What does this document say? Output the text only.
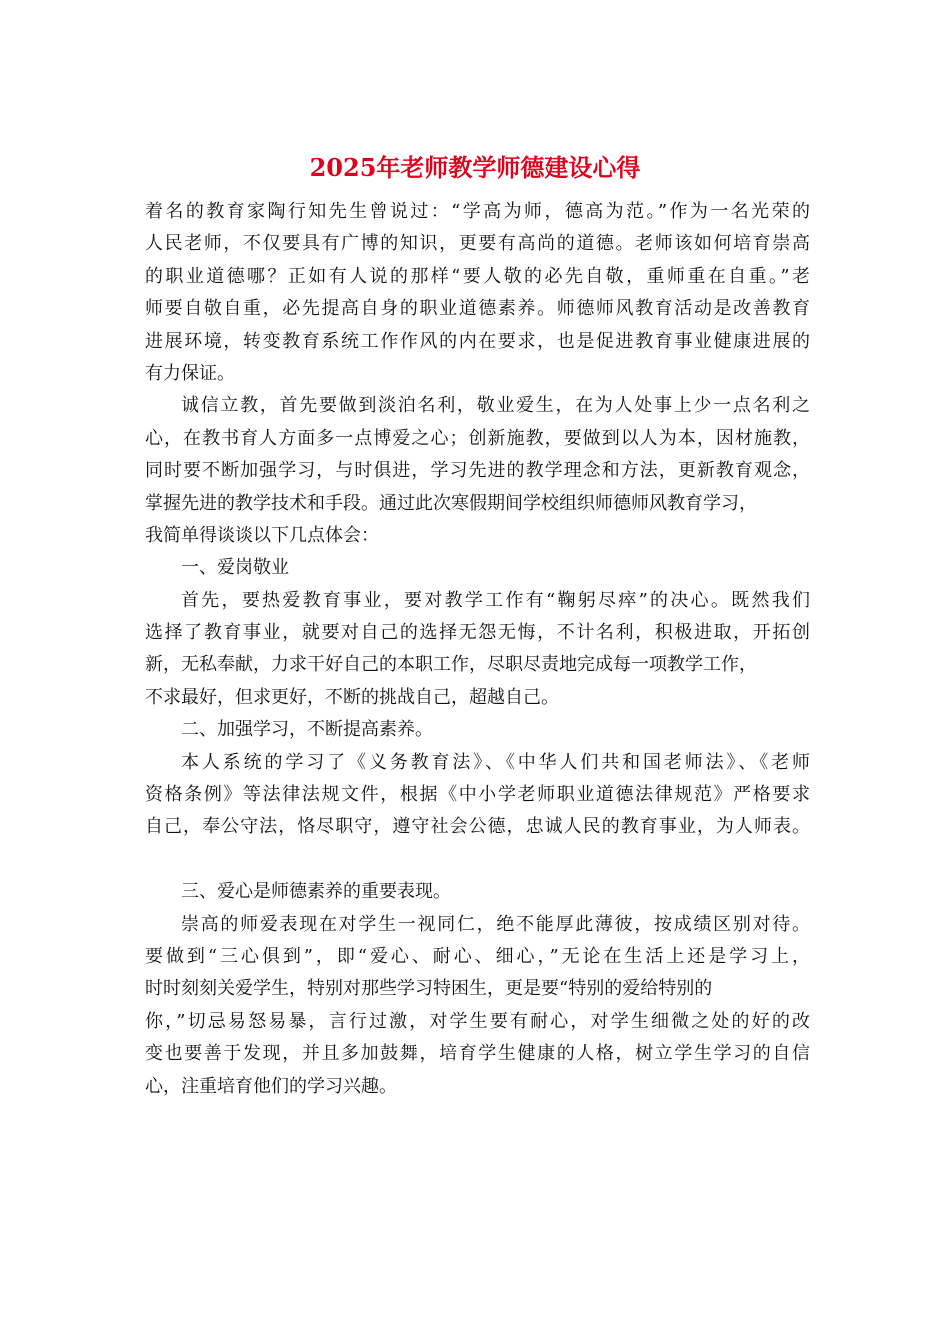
2025年老师教学师德建设心得
着名的教育家陶行知先生曾说过：“学高为师，德高为范。”作为一名光荣的
人民老师，不仅要具有广博的知识，更要有高尚的道德。老师该如何培育崇高
的职业道德哪？正如有人说的那样“要人敬的必先自敬，重师重在自重。”老
师要自敬自重，必先提高自身的职业道德素养。师德师风教育活动是改善教育
进展环境，转变教育系统工作作风的内在要求，也是促进教育事业健康进展的
有力保证。
诚信立教，首先要做到淡泊名利，敬业爱生，在为人处事上少一点名利之
心，在教书育人方面多一点博爱之心；创新施教，要做到以人为本，因材施教，
同时要不断加强学习，与时俱进，学习先进的教学理念和方法，更新教育观念，
掌握先进的教学技术和手段。通过此次寒假期间学校组织师德师风教育学习，
我简单得谈谈以下几点体会：
一、爱岗敬业
首先，要热爱教育事业，要对教学工作有“鞠躬尽瘁”的决心。既然我们
选择了教育事业，就要对自己的选择无怨无悔，不计名利，积极进取，开拓创
新，无私奉献，力求干好自己的本职工作，尽职尽责地完成每一项教学工作，
不求最好，但求更好，不断的挑战自己，超越自己。
二、加强学习，不断提高素养。
本人系统的学习了《义务教育法》、《中华人们共和国老师法》、《老师
资格条例》等法律法规文件，根据《中小学老师职业道德法律规范》严格要求
自己，奉公守法，恪尽职守，遵守社会公德，忠诚人民的教育事业，为人师表。
三、爱心是师德素养的重要表现。
崇高的师爱表现在对学生一视同仁，绝不能厚此薄彼，按成绩区别对待。
要做到“三心俱到”，即“爱心、耐心、细心，”无论在生活上还是学习上，
时时刻刻关爱学生，特别对那些学习特困生，更是要“特别的爱给特别的
你，”切忌易怒易暴，言行过激，对学生要有耐心，对学生细微之处的好的改
变也要善于发现，并且多加鼓舞，培育学生健康的人格，树立学生学习的自信
心，注重培育他们的学习兴趣。
